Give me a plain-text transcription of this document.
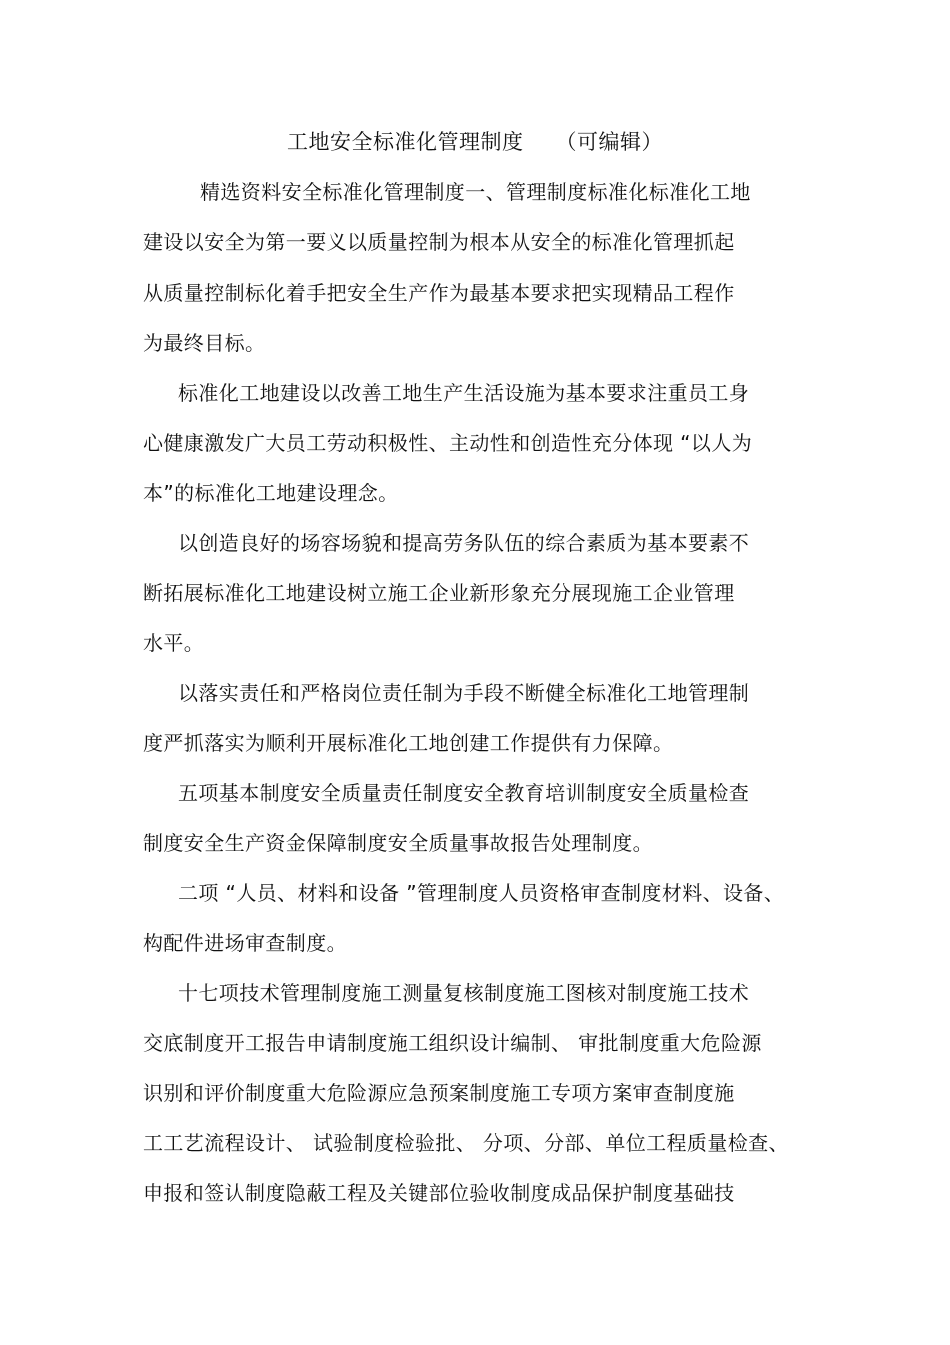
工地安全标准化管理制度 （可编辑）
精选资料安全标准化管理制度一、管理制度标准化标准化工地
建设以安全为第一要义以质量控制为根本从安全的标准化管理抓起
从质量控制标化着手把安全生产作为最基本要求把实现精品工程作
为最终目标。
标准化工地建设以改善工地生产生活设施为基本要求注重员工身
心健康激发广大员工劳动积极性、主动性和创造性充分体现 “以人为
本”的标准化工地建设理念。
以创造良好的场容场貌和提高劳务队伍的综合素质为基本要素不
断拓展标准化工地建设树立施工企业新形象充分展现施工企业管理
水平。
以落实责任和严格岗位责任制为手段不断健全标准化工地管理制
度严抓落实为顺利开展标准化工地创建工作提供有力保障。
五项基本制度安全质量责任制度安全教育培训制度安全质量检查
制度安全生产资金保障制度安全质量事故报告处理制度。
二项 “人员、材料和设备 ”管理制度人员资格审查制度材料、设备、
构配件进场审查制度。
十七项技术管理制度施工测量复核制度施工图核对制度施工技术
交底制度开工报告申请制度施工组织设计编制、 审批制度重大危险源
识别和评价制度重大危险源应急预案制度施工专项方案审查制度施
工工艺流程设计、 试验制度检验批、 分项、分部、单位工程质量检查、
申报和签认制度隐蔽工程及关键部位验收制度成品保护制度基础技
